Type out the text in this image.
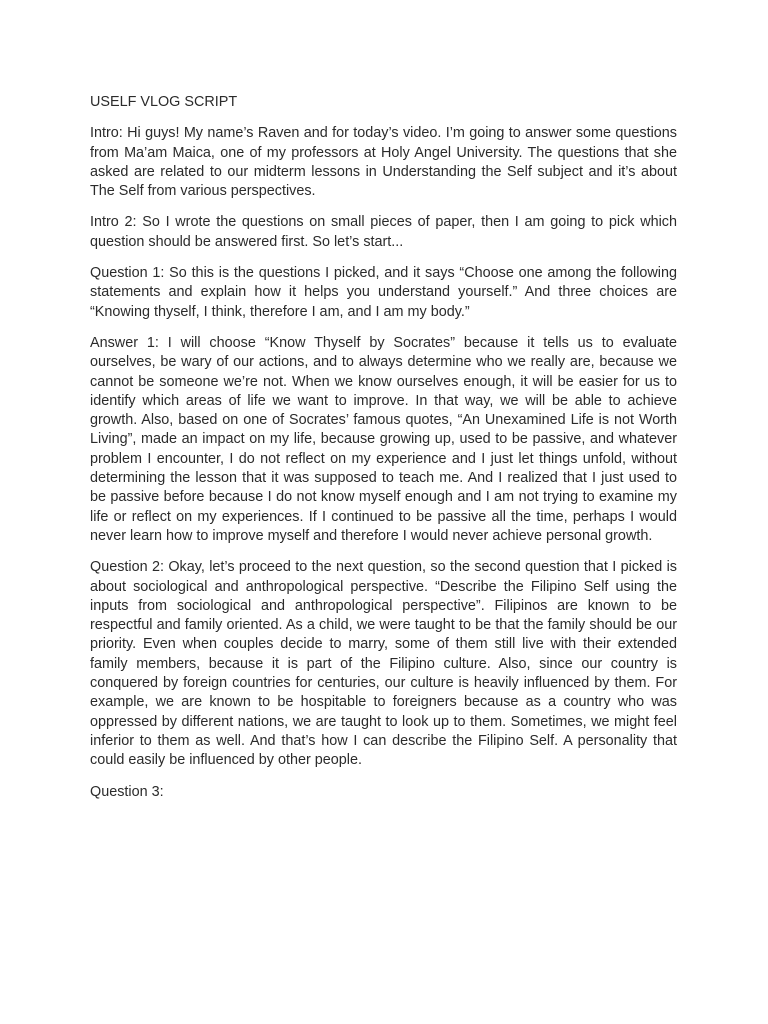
USELF VLOG SCRIPT

Intro: Hi guys! My name’s Raven and for today’s video. I’m going to answer some questions from Ma’am Maica, one of my professors at Holy Angel University. The questions that she asked are related to our midterm lessons in Understanding the Self subject and it’s about The Self from various perspectives.

Intro 2: So I wrote the questions on small pieces of paper, then I am going to pick which question should be answered first. So let’s start...

Question 1: So this is the questions I picked, and it says “Choose one among the following statements and explain how it helps you understand yourself.” And three choices are “Knowing thyself, I think, therefore I am, and I am my body.”

Answer 1: I will choose “Know Thyself by Socrates” because it tells us to evaluate ourselves, be wary of our actions, and to always determine who we really are, because we cannot be someone we’re not. When we know ourselves enough, it will be easier for us to identify which areas of life we want to improve. In that way, we will be able to achieve growth. Also, based on one of Socrates’ famous quotes, “An Unexamined Life is not Worth Living”, made an impact on my life, because growing up, used to be passive, and whatever problem I encounter, I do not reflect on my experience and I just let things unfold, without determining the lesson that it was supposed to teach me. And I realized that I just used to be passive before because I do not know myself enough and I am not trying to examine my life or reflect on my experiences. If I continued to be passive all the time, perhaps I would never learn how to improve myself and therefore I would never achieve personal growth.

Question 2: Okay, let’s proceed to the next question, so the second question that I picked is about sociological and anthropological perspective. “Describe the Filipino Self using the inputs from sociological and anthropological perspective”. Filipinos are known to be respectful and family oriented. As a child, we were taught to be that the family should be our priority. Even when couples decide to marry, some of them still live with their extended family members, because it is part of the Filipino culture. Also, since our country is conquered by foreign countries for centuries, our culture is heavily influenced by them. For example, we are known to be hospitable to foreigners because as a country who was oppressed by different nations, we are taught to look up to them. Sometimes, we might feel inferior to them as well. And that’s how I can describe the Filipino Self. A personality that could easily be influenced by other people.

Question 3:
